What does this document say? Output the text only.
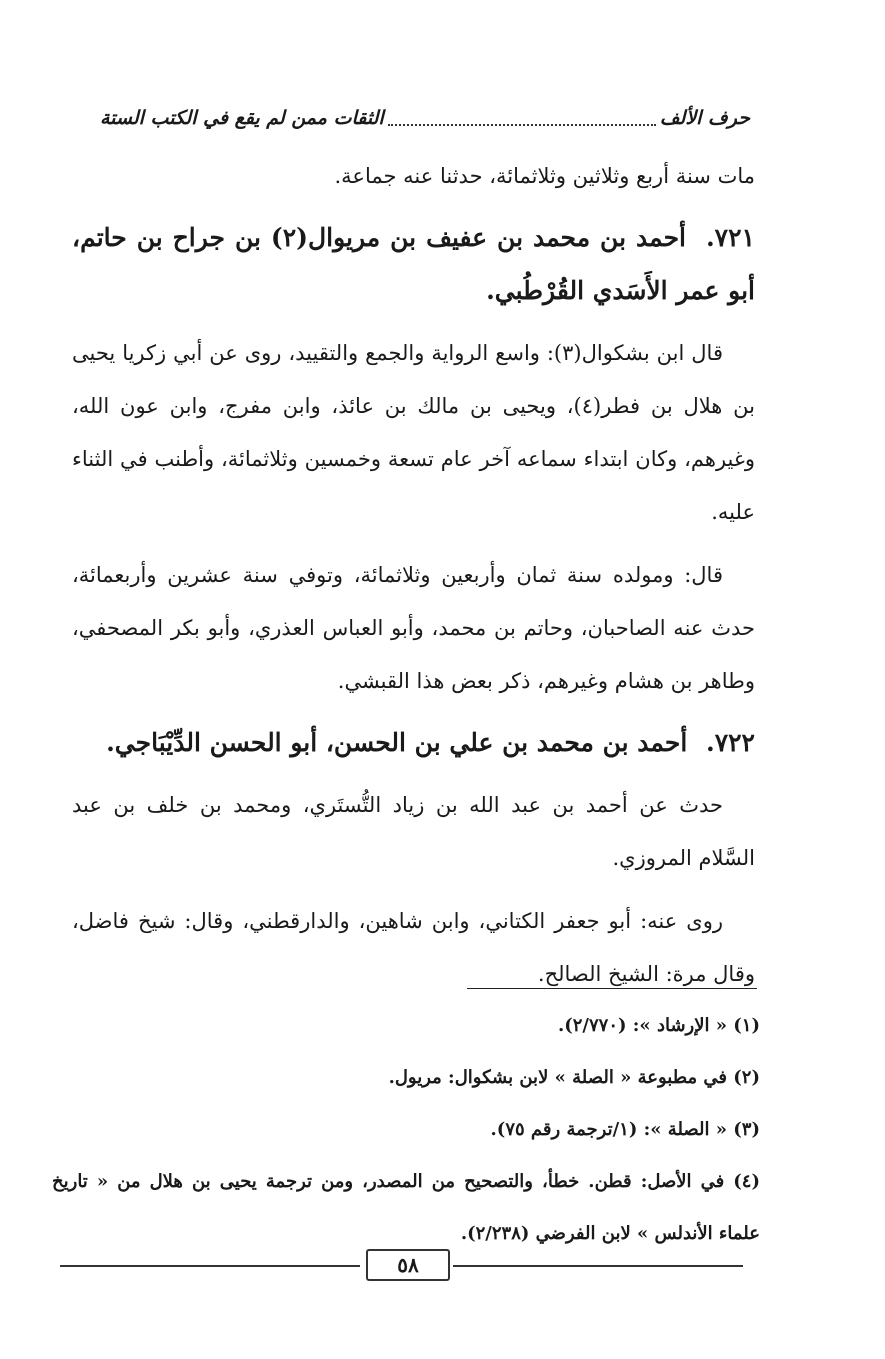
حرف الألف
الثقات ممن لم يقع في الكتب الستة

مات سنة أربع وثلاثين وثلاثمائة، حدثنا عنه جماعة.

٧٢١. أحمد بن محمد بن عفيف بن مريوال(٢) بن جراح بن حاتم، أبو عمر الأَسَدي القُرْطُبي.

قال ابن بشكوال(٣): واسع الرواية والجمع والتقييد، روى عن أبي زكريا يحيى بن هلال بن فطر(٤)، ويحيى بن مالك بن عائذ، وابن مفرج، وابن عون الله، وغيرهم، وكان ابتداء سماعه آخر عام تسعة وخمسين وثلاثمائة، وأطنب في الثناء عليه.

قال: ومولده سنة ثمان وأربعين وثلاثمائة، وتوفي سنة عشرين وأربعمائة، حدث عنه الصاحبان، وحاتم بن محمد، وأبو العباس العذري، وأبو بكر المصحفي، وطاهر بن هشام وغيرهم، ذكر بعض هذا القبشي.

٧٢٢. أحمد بن محمد بن علي بن الحسن، أبو الحسن الدِّيْبَاجي.

حدث عن أحمد بن عبد الله بن زياد التُّستَري، ومحمد بن خلف بن عبد السَّلام المروزي.

روى عنه: أبو جعفر الكتاني، وابن شاهين، والدارقطني، وقال: شيخ فاضل، وقال مرة: الشيخ الصالح.

(١) « الإرشاد »: (٢/٧٧٠).

(٢) في مطبوعة « الصلة » لابن بشكوال: مريول.

(٣) « الصلة »: (١/ترجمة رقم ٧٥).

(٤) في الأصل: قطن. خطأ، والتصحيح من المصدر، ومن ترجمة يحيى بن هلال من « تاريخ علماء الأندلس » لابن الفرضي (٢/٢٣٨).

٥٨
